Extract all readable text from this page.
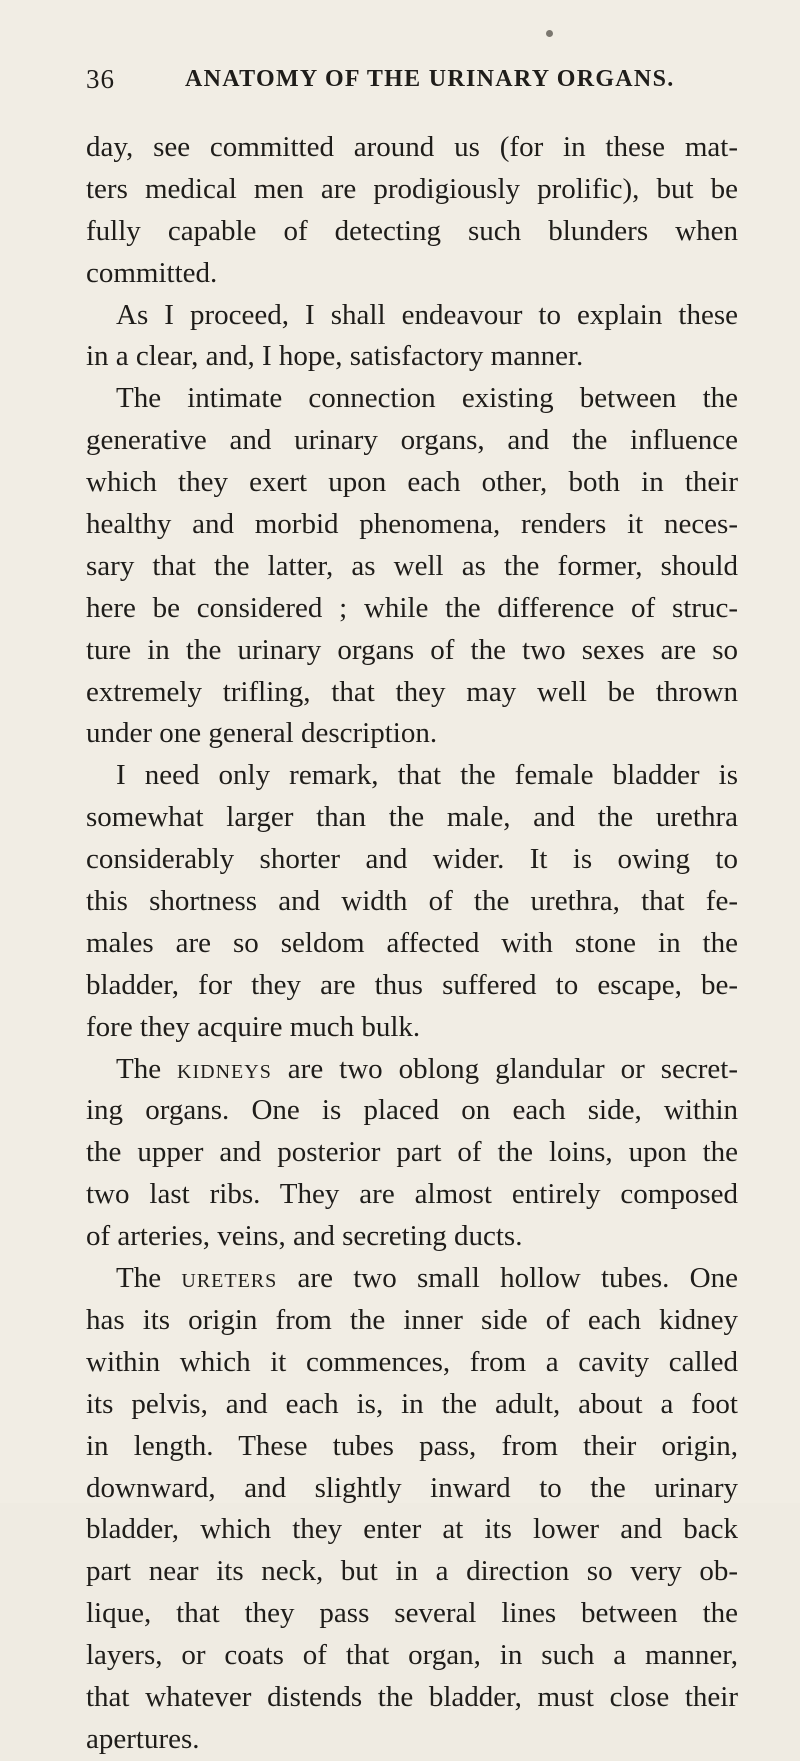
36	ANATOMY OF THE URINARY ORGANS.
day, see committed around us (for in these mat-
ters medical men are prodigiously prolific), but be
fully capable of detecting such blunders when
committed.
As I proceed, I shall endeavour to explain these
in a clear, and, I hope, satisfactory manner.
The intimate connection existing between the
generative and urinary organs, and the influence
which they exert upon each other, both in their
healthy and morbid phenomena, renders it neces-
sary that the latter, as well as the former, should
here be considered ; while the difference of struc-
ture in the urinary organs of the two sexes are so
extremely trifling, that they may well be thrown
under one general description.
I need only remark, that the female bladder is
somewhat larger than the male, and the urethra
considerably shorter and wider. It is owing to
this shortness and width of the urethra, that fe-
males are so seldom affected with stone in the
bladder, for they are thus suffered to escape, be-
fore they acquire much bulk.
The kidneys are two oblong glandular or secret-
ing organs. One is placed on each side, within
the upper and posterior part of the loins, upon the
two last ribs. They are almost entirely composed
of arteries, veins, and secreting ducts.
The ureters are two small hollow tubes. One
has its origin from the inner side of each kidney
within which it commences, from a cavity called
its pelvis, and each is, in the adult, about a foot
in length. These tubes pass, from their origin,
downward, and slightly inward to the urinary
bladder, which they enter at its lower and back
part near its neck, but in a direction so very ob-
lique, that they pass several lines between the
layers, or coats of that organ, in such a manner,
that whatever distends the bladder, must close their
apertures.
